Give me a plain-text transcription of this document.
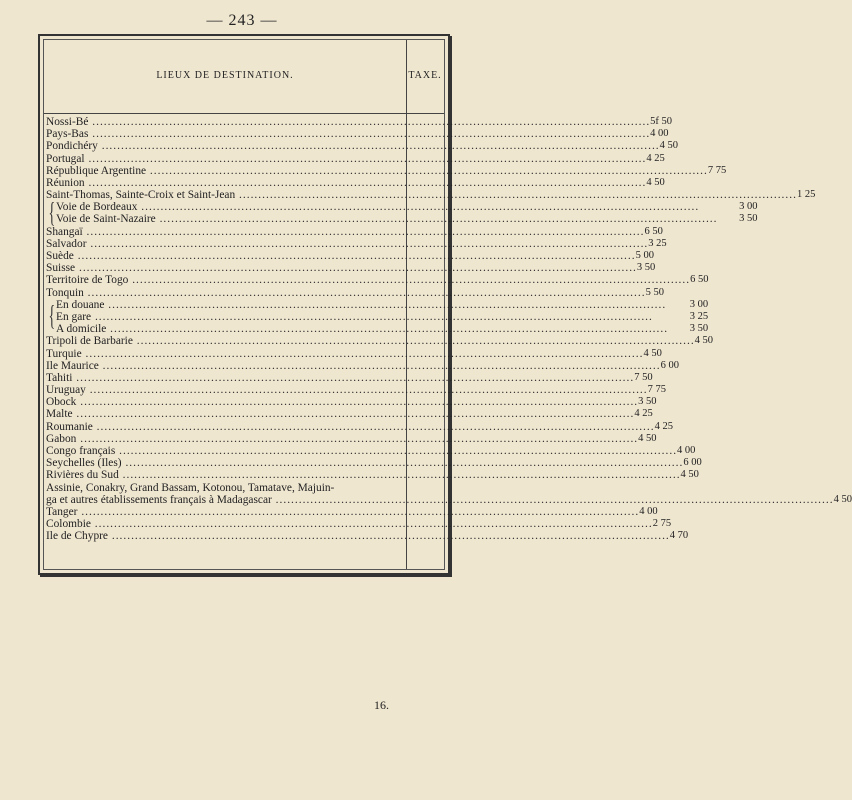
— 243 —
LIEUX DE DESTINATION.	TAXE.
Nossi-Bé .....	5f 50
Pays-Bas .....	4 00
Pondichéry .....	4 50
Portugal .....	4 25
République Argentine .....	7 75
Réunion .....	4 50
Saint-Thomas, Sainte-Croix et Saint-Jean .....	1 25
{ Voie de Bordeaux .....	3 00
Voie de Saint-Nazaire .....	3 50
Shangaï .....	6 50
Salvador .....	3 25
Suède .....	5 00
Suisse .....	3 50
Territoire de Togo .....	6 50
Tonquin .....	5 50
{ En douane .....	3 00
En gare .....	3 25
A domicile .....	3 50
Tripoli de Barbarie .....	4 50
Turquie .....	4 50
Ile Maurice .....	6 00
Tahiti .....	7 50
Uruguay .....	7 75
Obock .....	3 50
Malte .....	4 25
Roumanie .....	4 25
Gabon .....	4 50
Congo français .....	4 00
Seychelles (Iles) .....	6 00
Rivières du Sud .....	4 50
Assinie, Conakry, Grand Bassam, Kotonou, Tamatave, Majuin-
ga et autres établissements français à Madagascar .....	4 50
Tanger .....	4 00
Colombie .....	2 75
Ile de Chypre .....	4 70
16.
